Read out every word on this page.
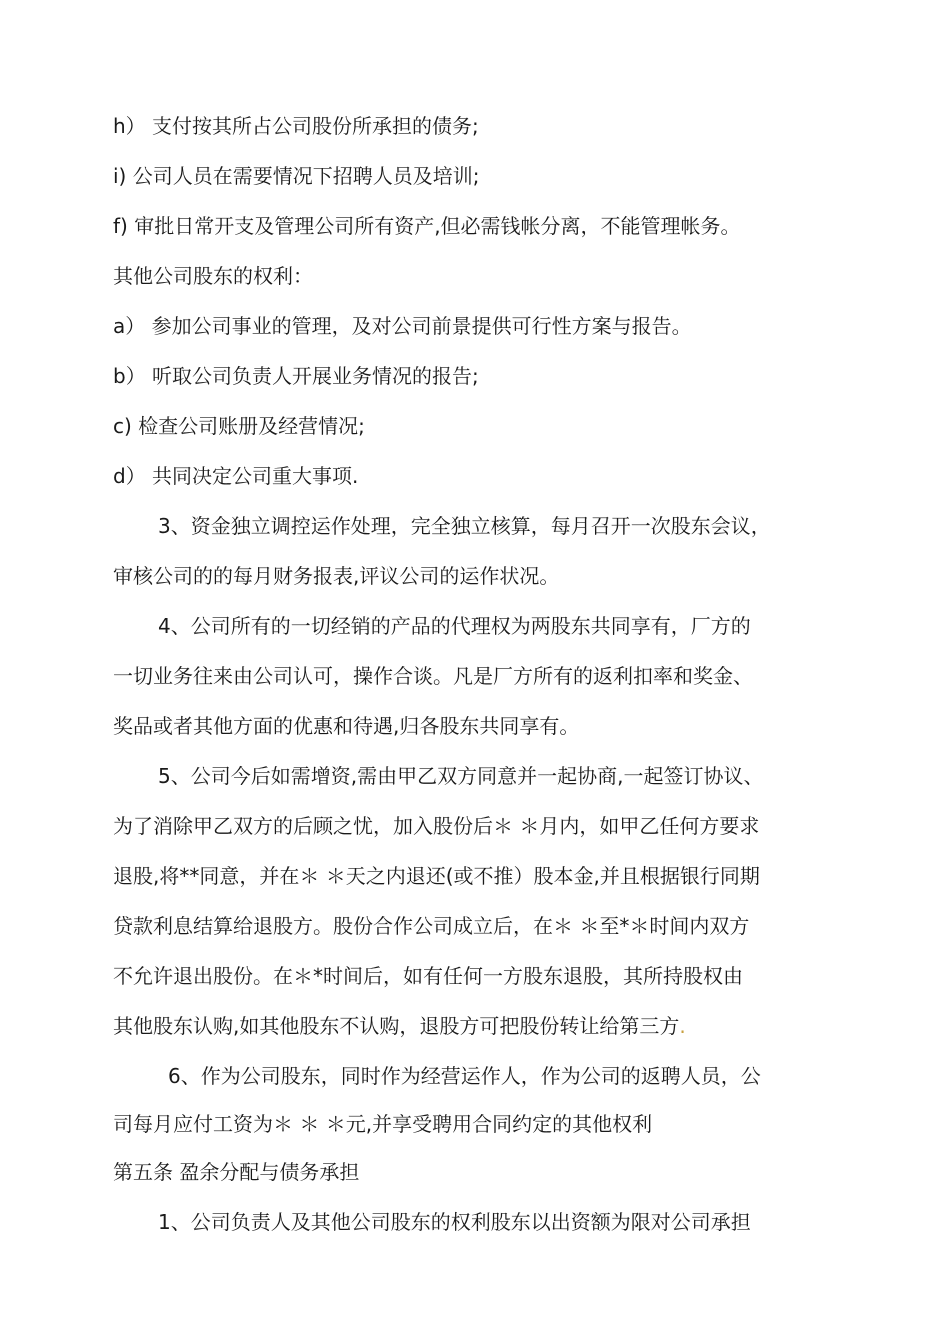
h） 支付按其所占公司股份所承担的债务;
i) 公司人员在需要情况下招聘人员及培训;
f) 审批日常开支及管理公司所有资产,但必需钱帐分离，不能管理帐务。
其他公司股东的权利：
a） 参加公司事业的管理，及对公司前景提供可行性方案与报告。
b） 听取公司负责人开展业务情况的报告;
c) 检查公司账册及经营情况;
d） 共同决定公司重大事项.
3、资金独立调控运作处理，完全独立核算，每月召开一次股东会议，
审核公司的的每月财务报表,评议公司的运作状况。
4、公司所有的一切经销的产品的代理权为两股东共同享有，厂方的
一切业务往来由公司认可，操作合谈。凡是厂方所有的返利扣率和奖金、
奖品或者其他方面的优惠和待遇,归各股东共同享有。
5、公司今后如需增资,需由甲乙双方同意并一起协商,一起签订协议、
为了消除甲乙双方的后顾之忧，加入股份后＊ ＊月内，如甲乙任何方要求
退股,将**同意，并在＊ ＊天之内退还(或不推）股本金,并且根据银行同期
贷款利息结算给退股方。股份合作公司成立后，在＊ ＊至*＊时间内双方
不允许退出股份。在＊*时间后，如有任何一方股东退股，其所持股权由
其他股东认购,如其他股东不认购，退股方可把股份转让给第三方.
6、作为公司股东，同时作为经营运作人，作为公司的返聘人员，公
司每月应付工资为＊ ＊ ＊元,并享受聘用合同约定的其他权利
第五条 盈余分配与债务承担
1、公司负责人及其他公司股东的权利股东以出资额为限对公司承担
